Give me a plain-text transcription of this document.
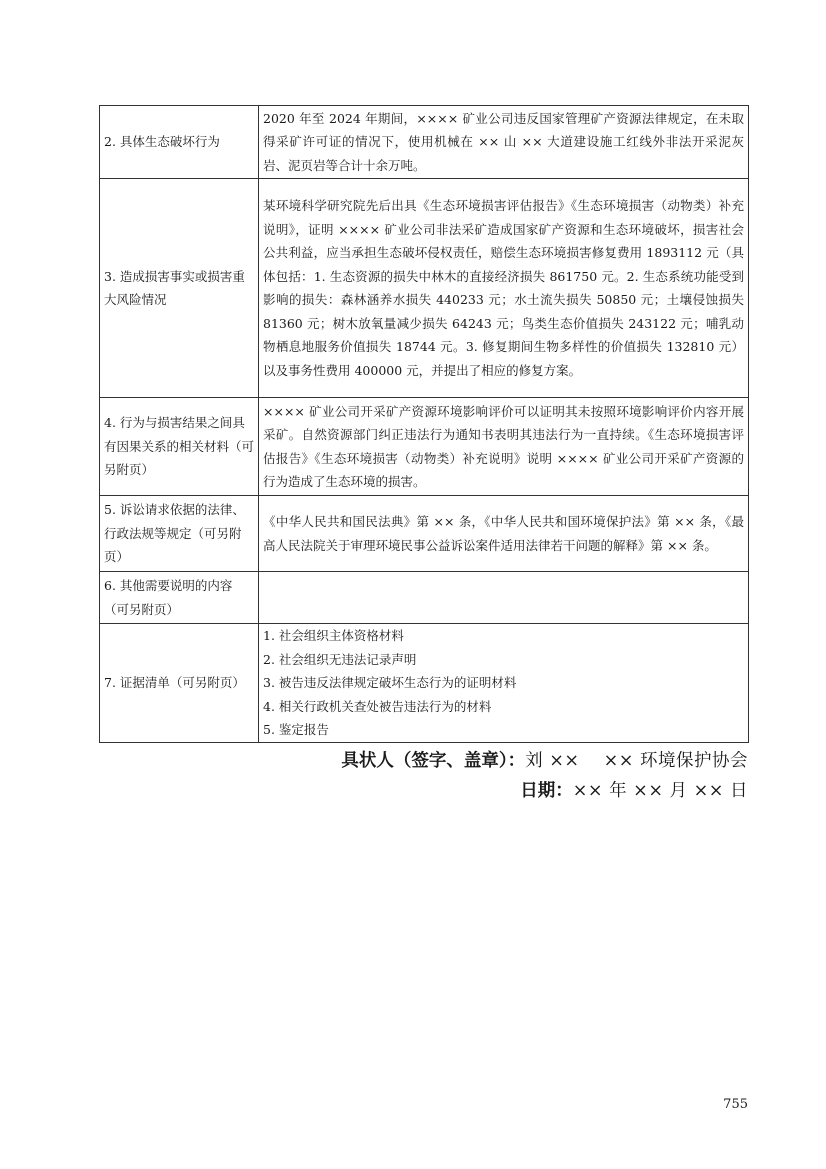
2. 具体生态破坏行为	2020 年至 2024 年期间，×××× 矿业公司违反国家管理矿产资源法律规定，在未取得采矿许可证的情况下，使用机械在 ×× 山 ×× 大道建设施工红线外非法开采泥灰岩、泥页岩等合计十余万吨。
3. 造成损害事实或损害重大风险情况	某环境科学研究院先后出具《生态环境损害评估报告》《生态环境损害（动物类）补充说明》，证明 ×××× 矿业公司非法采矿造成国家矿产资源和生态环境破坏，损害社会公共利益，应当承担生态破坏侵权责任，赔偿生态环境损害修复费用 1893112 元（具体包括：1. 生态资源的损失中林木的直接经济损失 861750 元。2. 生态系统功能受到影响的损失：森林涵养水损失 440233 元；水土流失损失 50850 元；土壤侵蚀损失 81360 元；树木放氧量减少损失 64243 元；鸟类生态价值损失 243122 元；哺乳动物栖息地服务价值损失 18744 元。3. 修复期间生物多样性的价值损失 132810 元）以及事务性费用 400000 元，并提出了相应的修复方案。
4. 行为与损害结果之间具有因果关系的相关材料（可另附页）	×××× 矿业公司开采矿产资源环境影响评价可以证明其未按照环境影响评价内容开展采矿。自然资源部门纠正违法行为通知书表明其违法行为一直持续。《生态环境损害评估报告》《生态环境损害（动物类）补充说明》说明 ×××× 矿业公司开采矿产资源的行为造成了生态环境的损害。
5. 诉讼请求依据的法律、行政法规等规定（可另附页）	《中华人民共和国民法典》第 ×× 条，《中华人民共和国环境保护法》第 ×× 条，《最高人民法院关于审理环境民事公益诉讼案件适用法律若干问题的解释》第 ×× 条。
6. 其他需要说明的内容 （可另附页）	
7. 证据清单（可另附页）	1. 社会组织主体资格材料
2. 社会组织无违法记录声明
3. 被告违反法律规定破坏生态行为的证明材料
4. 相关行政机关查处被告违法行为的材料
5. 鉴定报告
具状人（签字、盖章）：刘 ××　 ×× 环境保护协会
日期：×× 年 ×× 月 ×× 日
755
